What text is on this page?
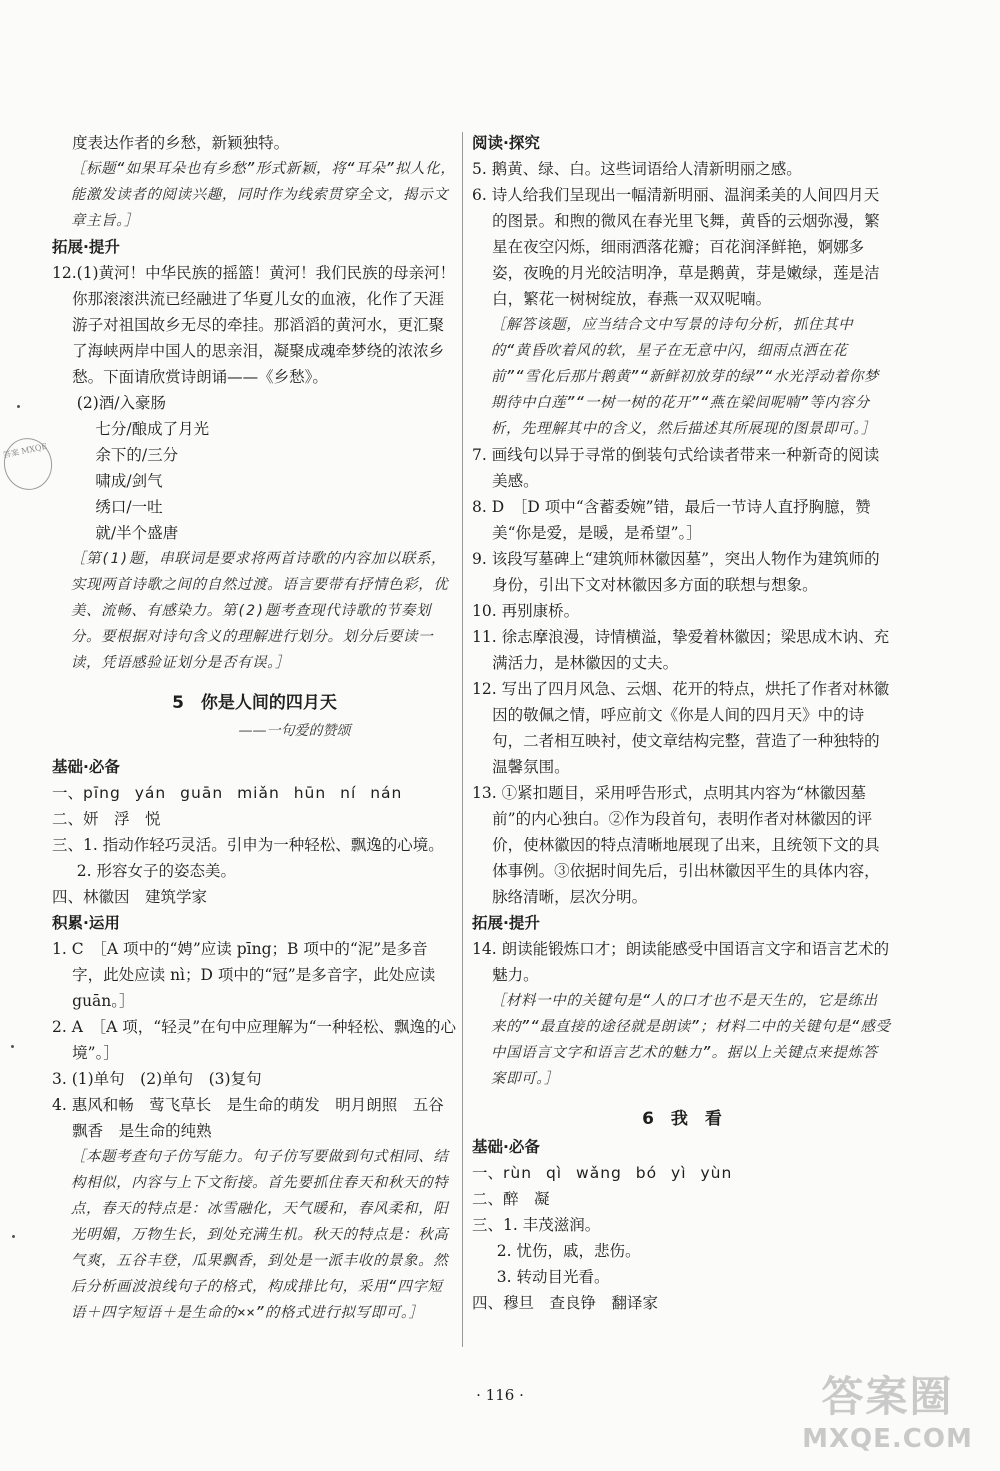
度表达作者的乡愁，新颖独特。

［标题“如果耳朵也有乡愁”形式新颖，将“耳朵”拟人化，能激发读者的阅读兴趣，同时作为线索贯穿全文，揭示文章主旨。］

拓展·提升

12.(1)黄河！中华民族的摇篮！黄河！我们民族的母亲河！你那滚滚洪流已经融进了华夏儿女的血液，化作了天涯游子对祖国故乡无尽的牵挂。那滔滔的黄河水，更汇聚了海峡两岸中国人的思亲泪，凝聚成魂牵梦绕的浓浓乡愁。下面请欣赏诗朗诵——《乡愁》。

(2)酒/入豪肠

七分/酿成了月光

余下的/三分

啸成/剑气

绣口/一吐

就/半个盛唐

［第(1)题，串联词是要求将两首诗歌的内容加以联系，实现两首诗歌之间的自然过渡。语言要带有抒情色彩，优美、流畅、有感染力。第(2)题考查现代诗歌的节奏划分。要根据对诗句含义的理解进行划分。划分后要读一读，凭语感验证划分是否有误。］

5　你是人间的四月天

——一句爱的赞颂

基础·必备

一、pīng yán guān miǎn hūn ní nán

二、妍　浮　悦

三、1. 指动作轻巧灵活。引申为一种轻松、飘逸的心境。

2. 形容女子的姿态美。

四、林徽因　建筑学家

积累·运用

1. C　［A 项中的“娉”应读 pīng；B 项中的“泥”是多音字，此处应读 nì；D 项中的“冠”是多音字，此处应读 guān。］

2. A　［A 项，“轻灵”在句中应理解为“一种轻松、飘逸的心境”。］

3. (1)单句　(2)单句　(3)复句

4. 惠风和畅　莺飞草长　是生命的萌发　明月朗照　五谷飘香　是生命的纯熟

［本题考查句子仿写能力。句子仿写要做到句式相同、结构相似，内容与上下文衔接。首先要抓住春天和秋天的特点，春天的特点是：冰雪融化，天气暖和，春风柔和，阳光明媚，万物生长，到处充满生机。秋天的特点是：秋高气爽，五谷丰登，瓜果飘香，到处是一派丰收的景象。然后分析画波浪线句子的格式，构成排比句，采用“四字短语＋四字短语＋是生命的××”的格式进行拟写即可。］

阅读·探究

5. 鹅黄、绿、白。这些词语给人清新明丽之感。

6. 诗人给我们呈现出一幅清新明丽、温润柔美的人间四月天的图景。和煦的微风在春光里飞舞，黄昏的云烟弥漫，繁星在夜空闪烁，细雨洒落花瓣；百花润泽鲜艳，婀娜多姿，夜晚的月光皎洁明净，草是鹅黄，芽是嫩绿，莲是洁白，繁花一树树绽放，春燕一双双呢喃。

［解答该题，应当结合文中写景的诗句分析，抓住其中的“黄昏吹着风的软，星子在无意中闪，细雨点洒在花前”“雪化后那片鹅黄”“新鲜初放芽的绿”“水光浮动着你梦期待中白莲”“一树一树的花开”“燕在梁间呢喃”等内容分析，先理解其中的含义，然后描述其所展现的图景即可。］

7. 画线句以异于寻常的倒装句式给读者带来一种新奇的阅读美感。

8. D　［D 项中“含蓄委婉”错，最后一节诗人直抒胸臆，赞美“你是爱，是暖，是希望”。］

9. 该段写墓碑上“建筑师林徽因墓”，突出人物作为建筑师的身份，引出下文对林徽因多方面的联想与想象。

10. 再别康桥。

11. 徐志摩浪漫，诗情横溢，挚爱着林徽因；梁思成木讷、充满活力，是林徽因的丈夫。

12. 写出了四月风急、云烟、花开的特点，烘托了作者对林徽因的敬佩之情，呼应前文《你是人间的四月天》中的诗句，二者相互映衬，使文章结构完整，营造了一种独特的温馨氛围。

13. ①紧扣题目，采用呼告形式，点明其内容为“林徽因墓前”的内心独白。②作为段首句，表明作者对林徽因的评价，使林徽因的特点清晰地展现了出来，且统领下文的具体事例。③依据时间先后，引出林徽因平生的具体内容，脉络清晰，层次分明。

拓展·提升

14. 朗读能锻炼口才；朗读能感受中国语言文字和语言艺术的魅力。

［材料一中的关键句是“人的口才也不是天生的，它是练出来的”“最直接的途径就是朗读”；材料二中的关键句是“感受中国语言文字和语言艺术的魅力”。据以上关键点来提炼答案即可。］

6　我　看

基础·必备

一、rùn qì wǎng bó yì yùn

二、醉　凝

三、1. 丰茂滋润。

2. 忧伤，戚，悲伤。

3. 转动目光看。

四、穆旦　查良铮　翻译家

答案 MXQE
· 116 ·	答案圈
MXQE.COM
